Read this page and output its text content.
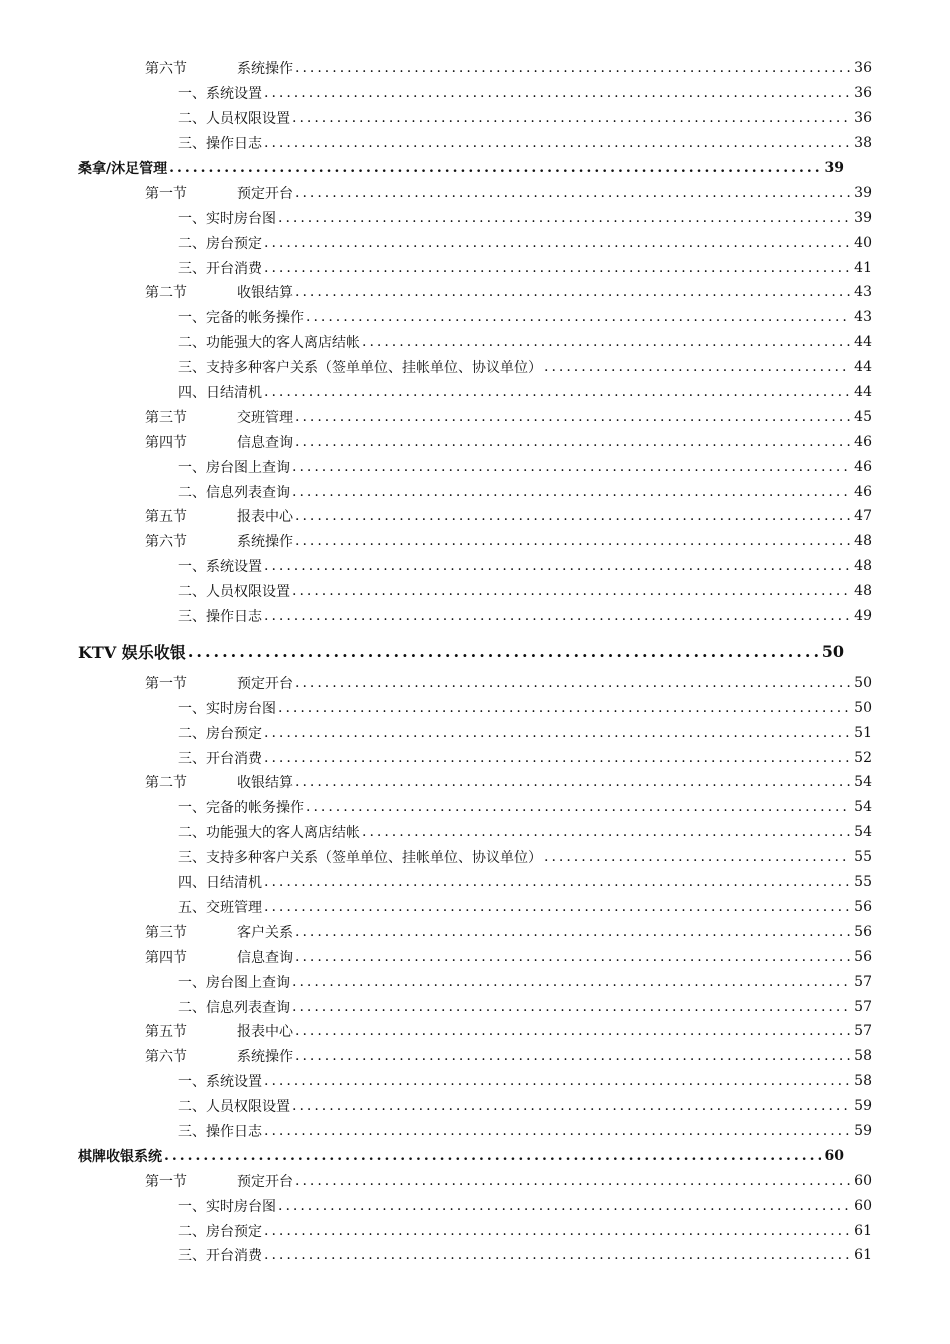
第六节	系统操作 .....	36
一、系统设置 .....	36
二、人员权限设置 .....	36
三、操作日志 .....	38
桑拿/沐足管理 .....	39
第一节	预定开台 .....	39
一、实时房台图 .....	39
二、房台预定 .....	40
三、开台消费 .....	41
第二节	收银结算 .....	43
一、完备的帐务操作 .....	43
二、功能强大的客人离店结帐 .....	44
三、支持多种客户关系（签单单位、挂帐单位、协议单位） .....	44
四、日结清机 .....	44
第三节	交班管理 .....	45
第四节	信息查询 .....	46
一、房台图上查询 .....	46
二、信息列表查询 .....	46
第五节	报表中心 .....	47
第六节	系统操作 .....	48
一、系统设置 .....	48
二、人员权限设置 .....	48
三、操作日志 .....	49
KTV 娱乐收银 .....	50
第一节	预定开台 .....	50
一、实时房台图 .....	50
二、房台预定 .....	51
三、开台消费 .....	52
第二节	收银结算 .....	54
一、完备的帐务操作 .....	54
二、功能强大的客人离店结帐 .....	54
三、支持多种客户关系（签单单位、挂帐单位、协议单位） .....	55
四、日结清机 .....	55
五、交班管理 .....	56
第三节	客户关系 .....	56
第四节	信息查询 .....	56
一、房台图上查询 .....	57
二、信息列表查询 .....	57
第五节	报表中心 .....	57
第六节	系统操作 .....	58
一、系统设置 .....	58
二、人员权限设置 .....	59
三、操作日志 .....	59
棋牌收银系统 .....	60
第一节	预定开台 .....	60
一、实时房台图 .....	60
二、房台预定 .....	61
三、开台消费 .....	61
